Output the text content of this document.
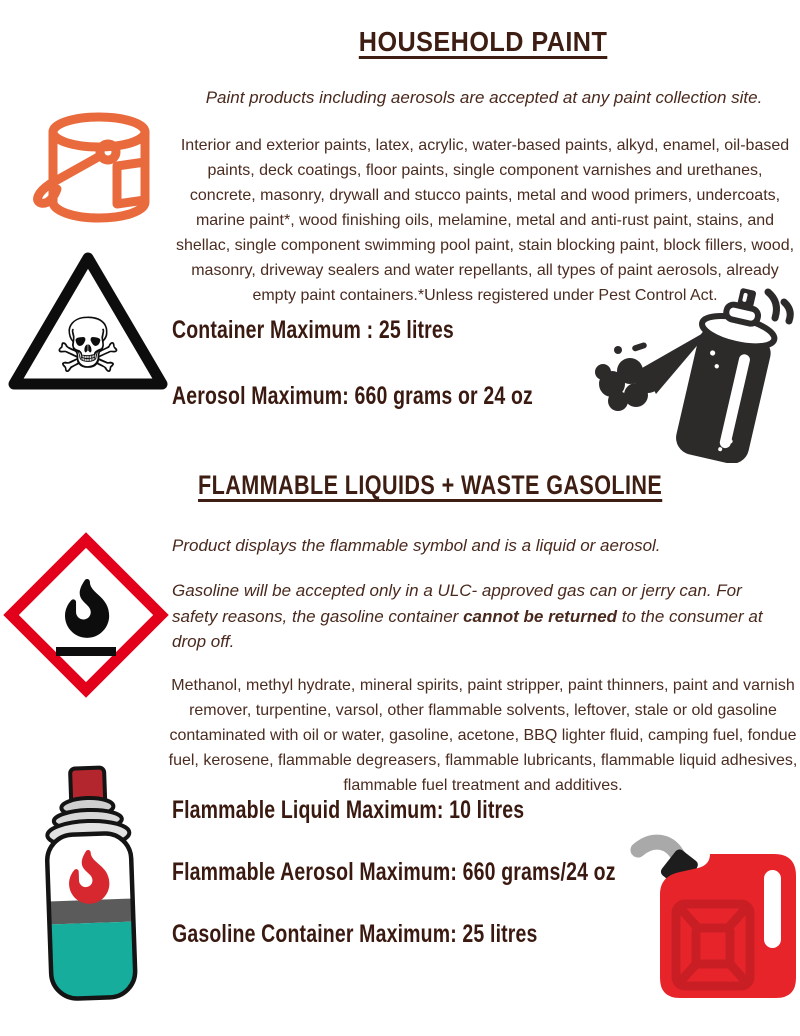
HOUSEHOLD PAINT
Paint products including aerosols are accepted at any paint collection site.
Interior and exterior paints, latex, acrylic, water-based paints, alkyd, enamel, oil-based paints, deck coatings, floor paints, single component varnishes and urethanes, concrete, masonry, drywall and stucco paints, metal and wood primers, undercoats, marine paint*, wood finishing oils, melamine, metal and anti-rust paint, stains, and shellac, single component swimming pool paint, stain blocking paint, block fillers, wood, masonry, driveway sealers and water repellants, all types of paint aerosols, already empty paint containers.*Unless registered under Pest Control Act.
☠ Container Maximum : 25 litres
Aerosol Maximum: 660 grams or 24 oz
FLAMMABLE LIQUIDS + WASTE GASOLINE
Product displays the flammable symbol and is a liquid or aerosol.
Gasoline will be accepted only in a ULC- approved gas can or jerry can. For safety reasons, the gasoline container cannot be returned to the consumer at drop off.
Methanol, methyl hydrate, mineral spirits, paint stripper, paint thinners, paint and varnish remover, turpentine, varsol, other flammable solvents, leftover, stale or old gasoline contaminated with oil or water, gasoline, acetone, BBQ lighter fluid, camping fuel, fondue fuel, kerosene, flammable degreasers, flammable lubricants, flammable liquid adhesives, flammable fuel treatment and additives.
Flammable Liquid Maximum: 10 litres
Flammable Aerosol Maximum: 660 grams/24 oz
Gasoline Container Maximum: 25 litres
